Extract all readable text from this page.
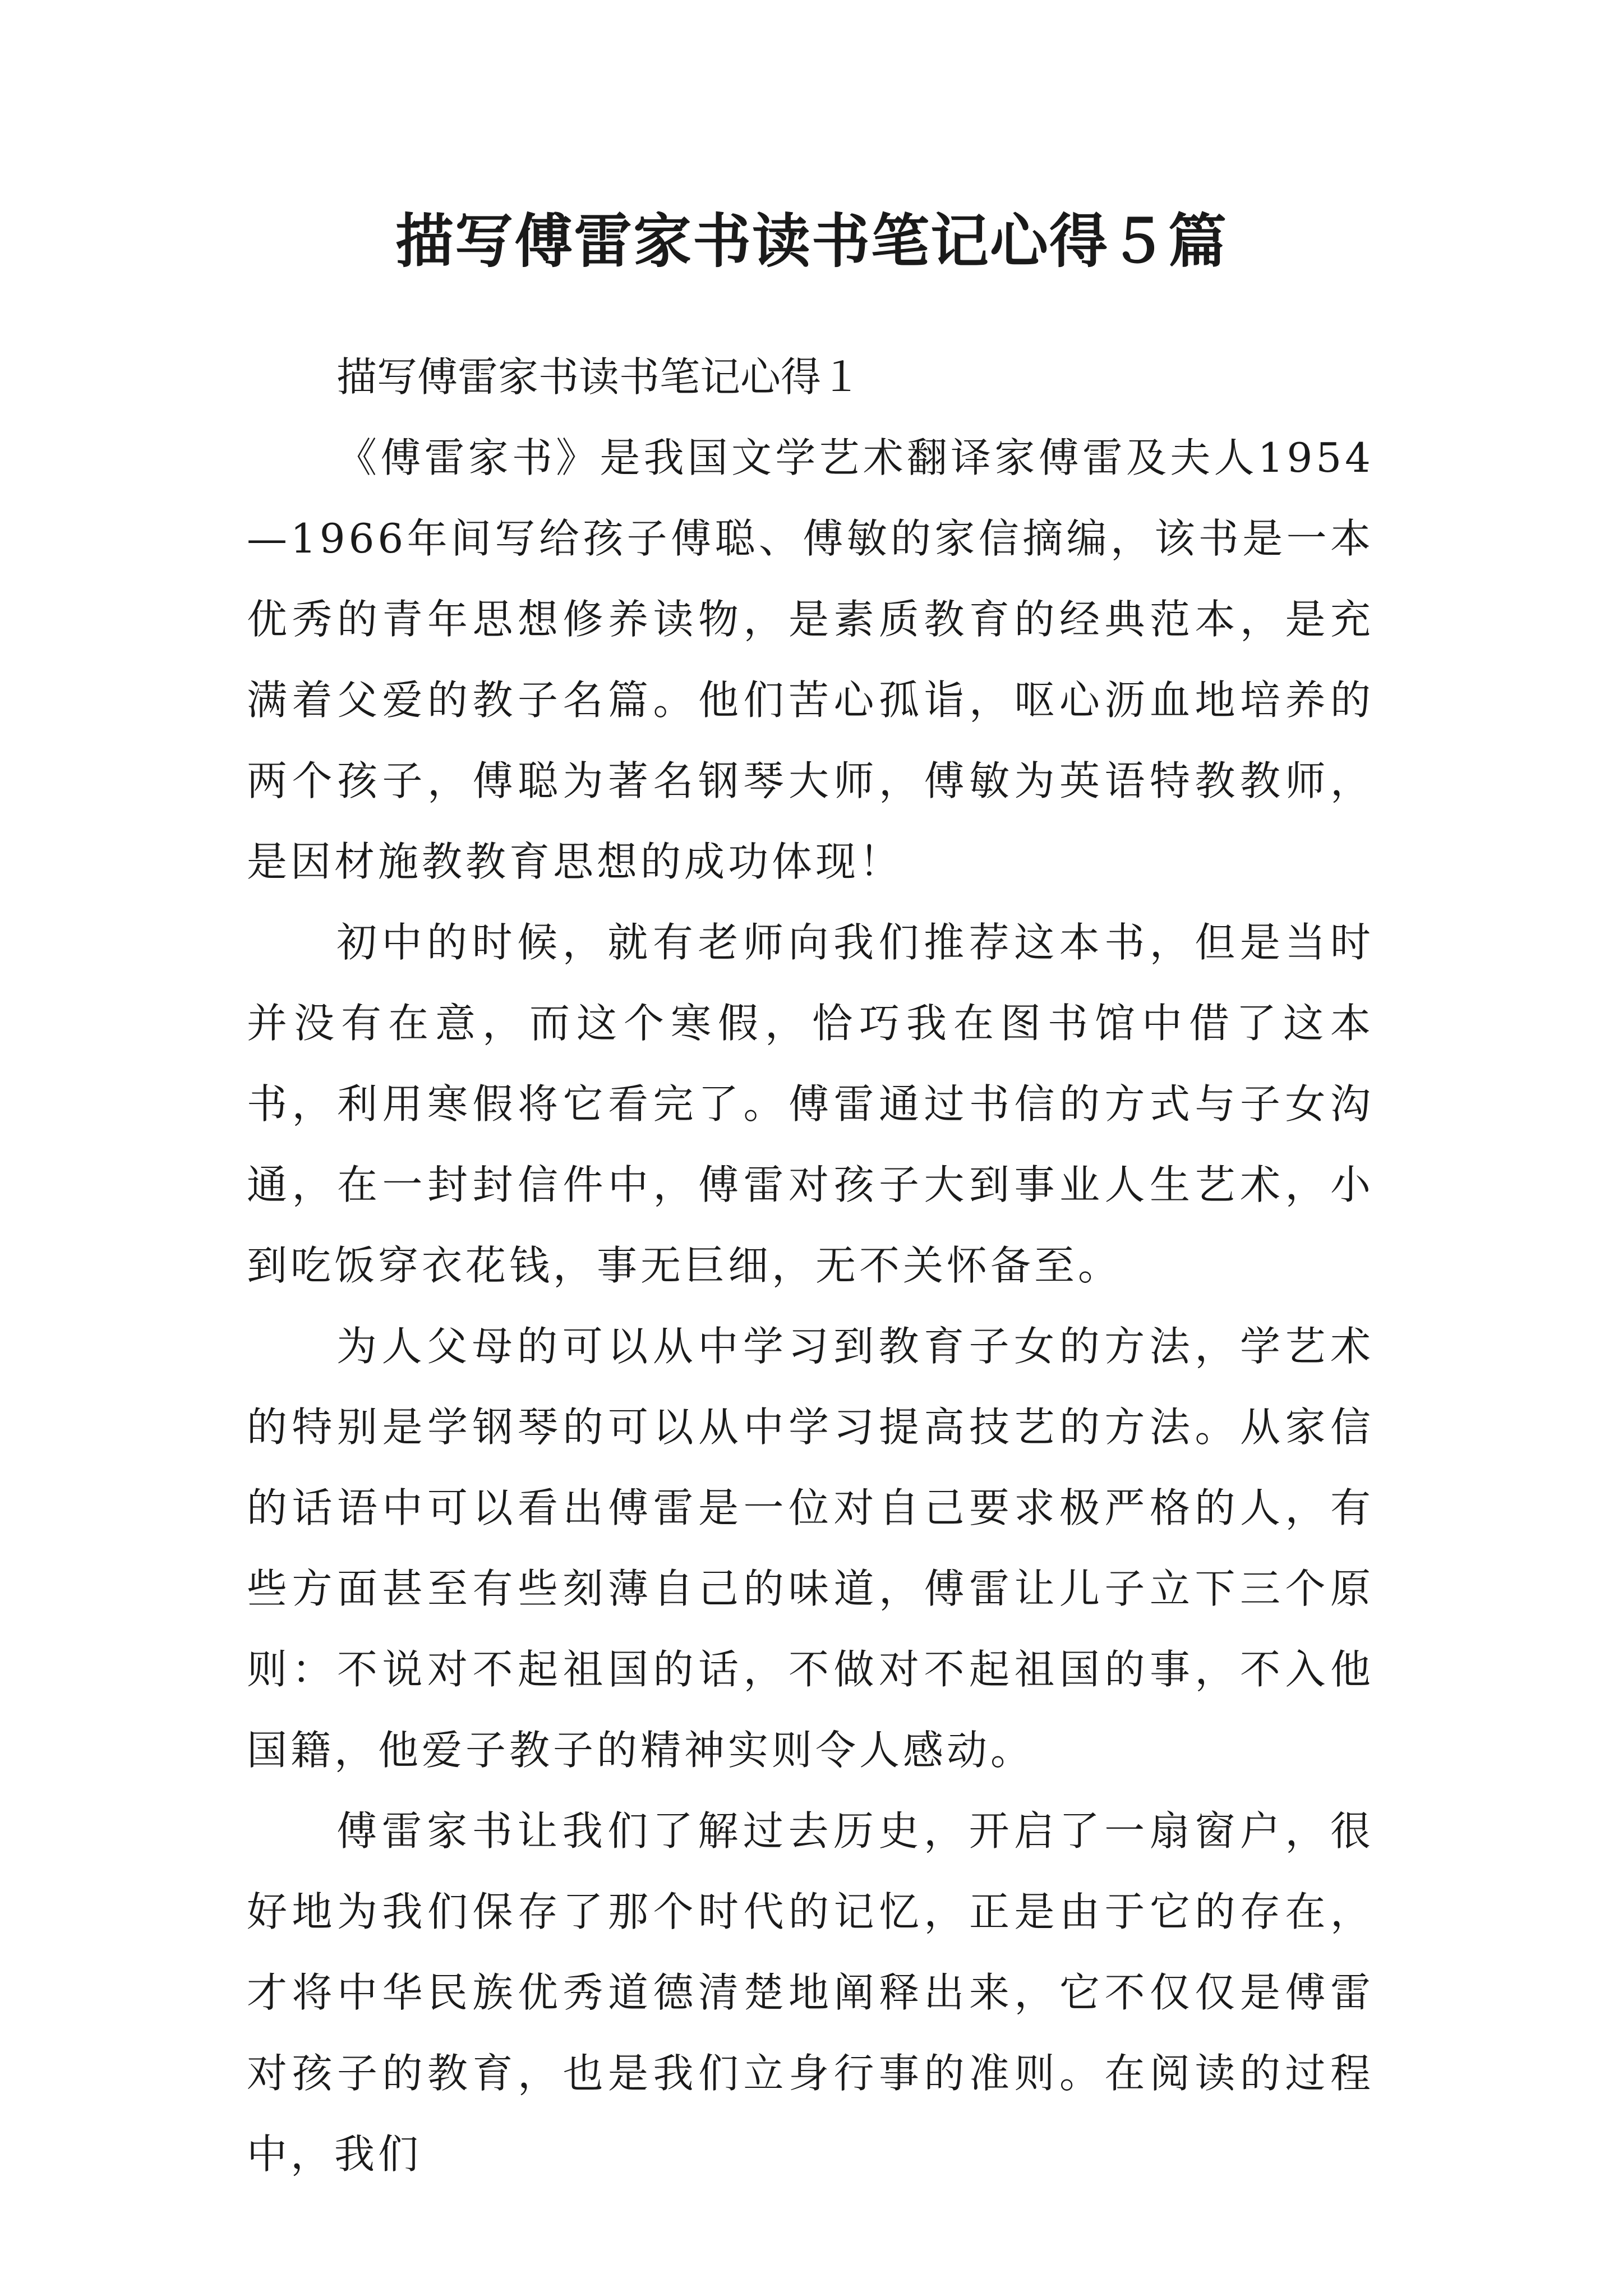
描写傅雷家书读书笔记心得５篇
描写傅雷家书读书笔记心得１

《傅雷家书》是我国文学艺术翻译家傅雷及夫人1954—1966年间写给孩子傅聪、傅敏的家信摘编，该书是一本优秀的青年思想修养读物，是素质教育的经典范本，是充满着父爱的教子名篇。他们苦心孤诣，呕心沥血地培养的两个孩子，傅聪为著名钢琴大师，傅敏为英语特教教师，是因材施教教育思想的成功体现！

初中的时候，就有老师向我们推荐这本书，但是当时并没有在意，而这个寒假，恰巧我在图书馆中借了这本书，利用寒假将它看完了。傅雷通过书信的方式与子女沟通，在一封封信件中，傅雷对孩子大到事业人生艺术，小到吃饭穿衣花钱，事无巨细，无不关怀备至。

为人父母的可以从中学习到教育子女的方法，学艺术的特别是学钢琴的可以从中学习提高技艺的方法。从家信的话语中可以看出傅雷是一位对自己要求极严格的人，有些方面甚至有些刻薄自己的味道，傅雷让儿子立下三个原则：不说对不起祖国的话，不做对不起祖国的事，不入他国籍，他爱子教子的精神实则令人感动。

傅雷家书让我们了解过去历史，开启了一扇窗户，很好地为我们保存了那个时代的记忆，正是由于它的存在，才将中华民族优秀道德清楚地阐释出来，它不仅仅是傅雷对孩子的教育，也是我们立身行事的准则。在阅读的过程中，我们
